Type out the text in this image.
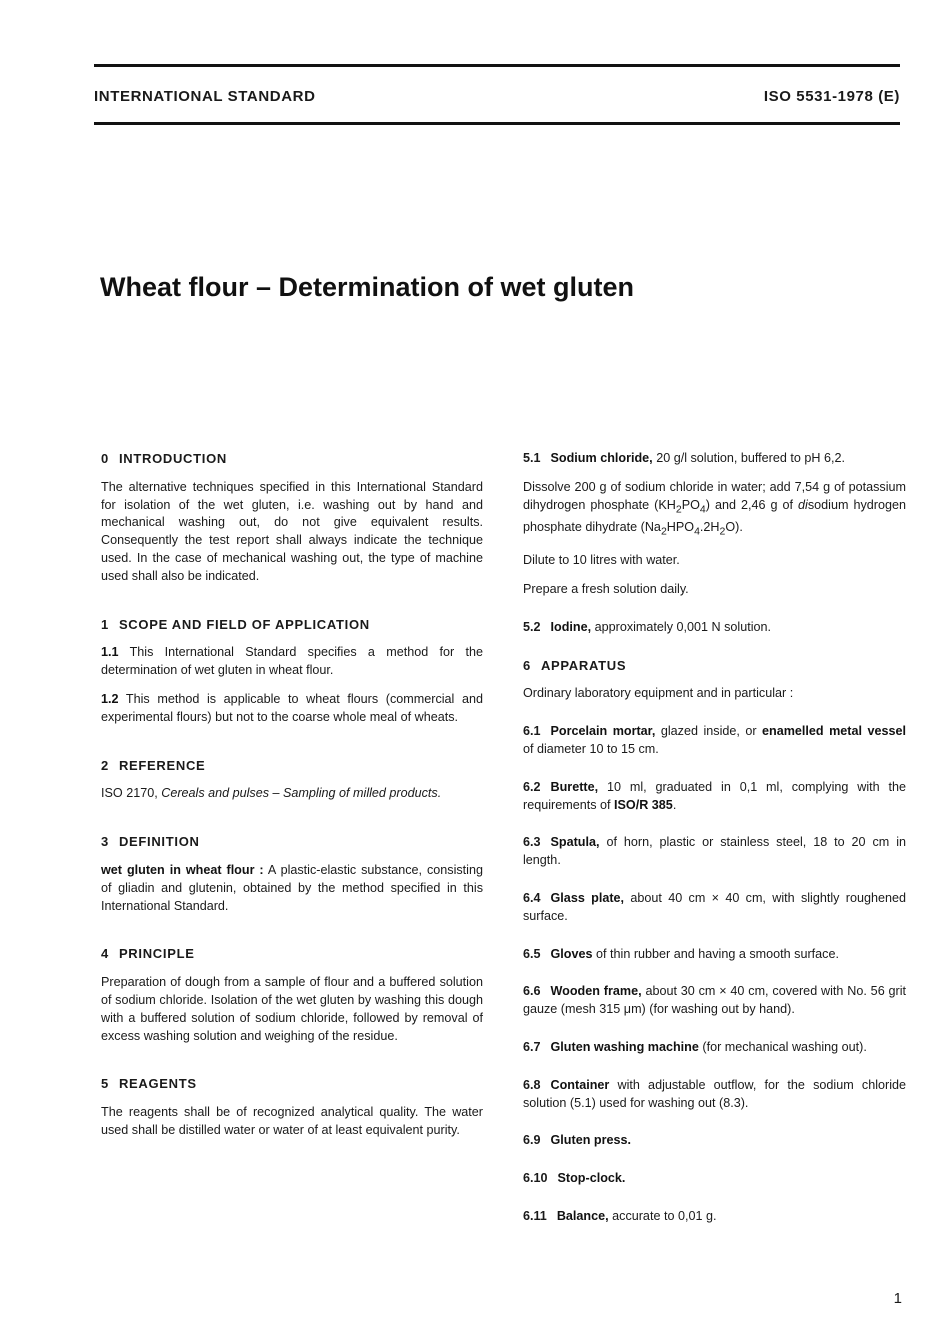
INTERNATIONAL STANDARD	ISO 5531-1978 (E)
Wheat flour – Determination of wet gluten
0 INTRODUCTION

The alternative techniques specified in this International Standard for isolation of the wet gluten, i.e. washing out by hand and mechanical washing out, do not give equivalent results. Consequently the test report shall always indicate the technique used. In the case of mechanical washing out, the type of machine used shall also be indicated.

1 SCOPE AND FIELD OF APPLICATION

1.1 This International Standard specifies a method for the determination of wet gluten in wheat flour.

1.2 This method is applicable to wheat flours (commercial and experimental flours) but not to the coarse whole meal of wheats.

2 REFERENCE

ISO 2170, Cereals and pulses – Sampling of milled products.

3 DEFINITION

wet gluten in wheat flour : A plastic-elastic substance, consisting of gliadin and glutenin, obtained by the method specified in this International Standard.

4 PRINCIPLE

Preparation of dough from a sample of flour and a buffered solution of sodium chloride. Isolation of the wet gluten by washing this dough with a buffered solution of sodium chloride, followed by removal of excess washing solution and weighing of the residue.

5 REAGENTS

The reagents shall be of recognized analytical quality. The water used shall be distilled water or water of at least equivalent purity.

5.1 Sodium chloride, 20 g/l solution, buffered to pH 6,2.

Dissolve 200 g of sodium chloride in water; add 7,54 g of potassium dihydrogen phosphate $(KH_2PO_4)$ and 2,46 g of disodium hydrogen phosphate dihydrate $(Na_2HPO_4.2H_2O)$.

Dilute to 10 litres with water.

Prepare a fresh solution daily.

5.2 Iodine, approximately 0,001 N solution.

6 APPARATUS

Ordinary laboratory equipment and in particular :

6.1 Porcelain mortar, glazed inside, or enamelled metal vessel of diameter 10 to 15 cm.

6.2 Burette, 10 ml, graduated in 0,1 ml, complying with the requirements of ISO/R 385.

6.3 Spatula, of horn, plastic or stainless steel, 18 to 20 cm in length.

6.4 Glass plate, about 40 cm × 40 cm, with slightly roughened surface.

6.5 Gloves of thin rubber and having a smooth surface.

6.6 Wooden frame, about 30 cm × 40 cm, covered with No. 56 grit gauze (mesh 315 μm) (for washing out by hand).

6.7 Gluten washing machine (for mechanical washing out).

6.8 Container with adjustable outflow, for the sodium chloride solution (5.1) used for washing out (8.3).

6.9 Gluten press.

6.10 Stop-clock.

6.11 Balance, accurate to 0,01 g.

1
